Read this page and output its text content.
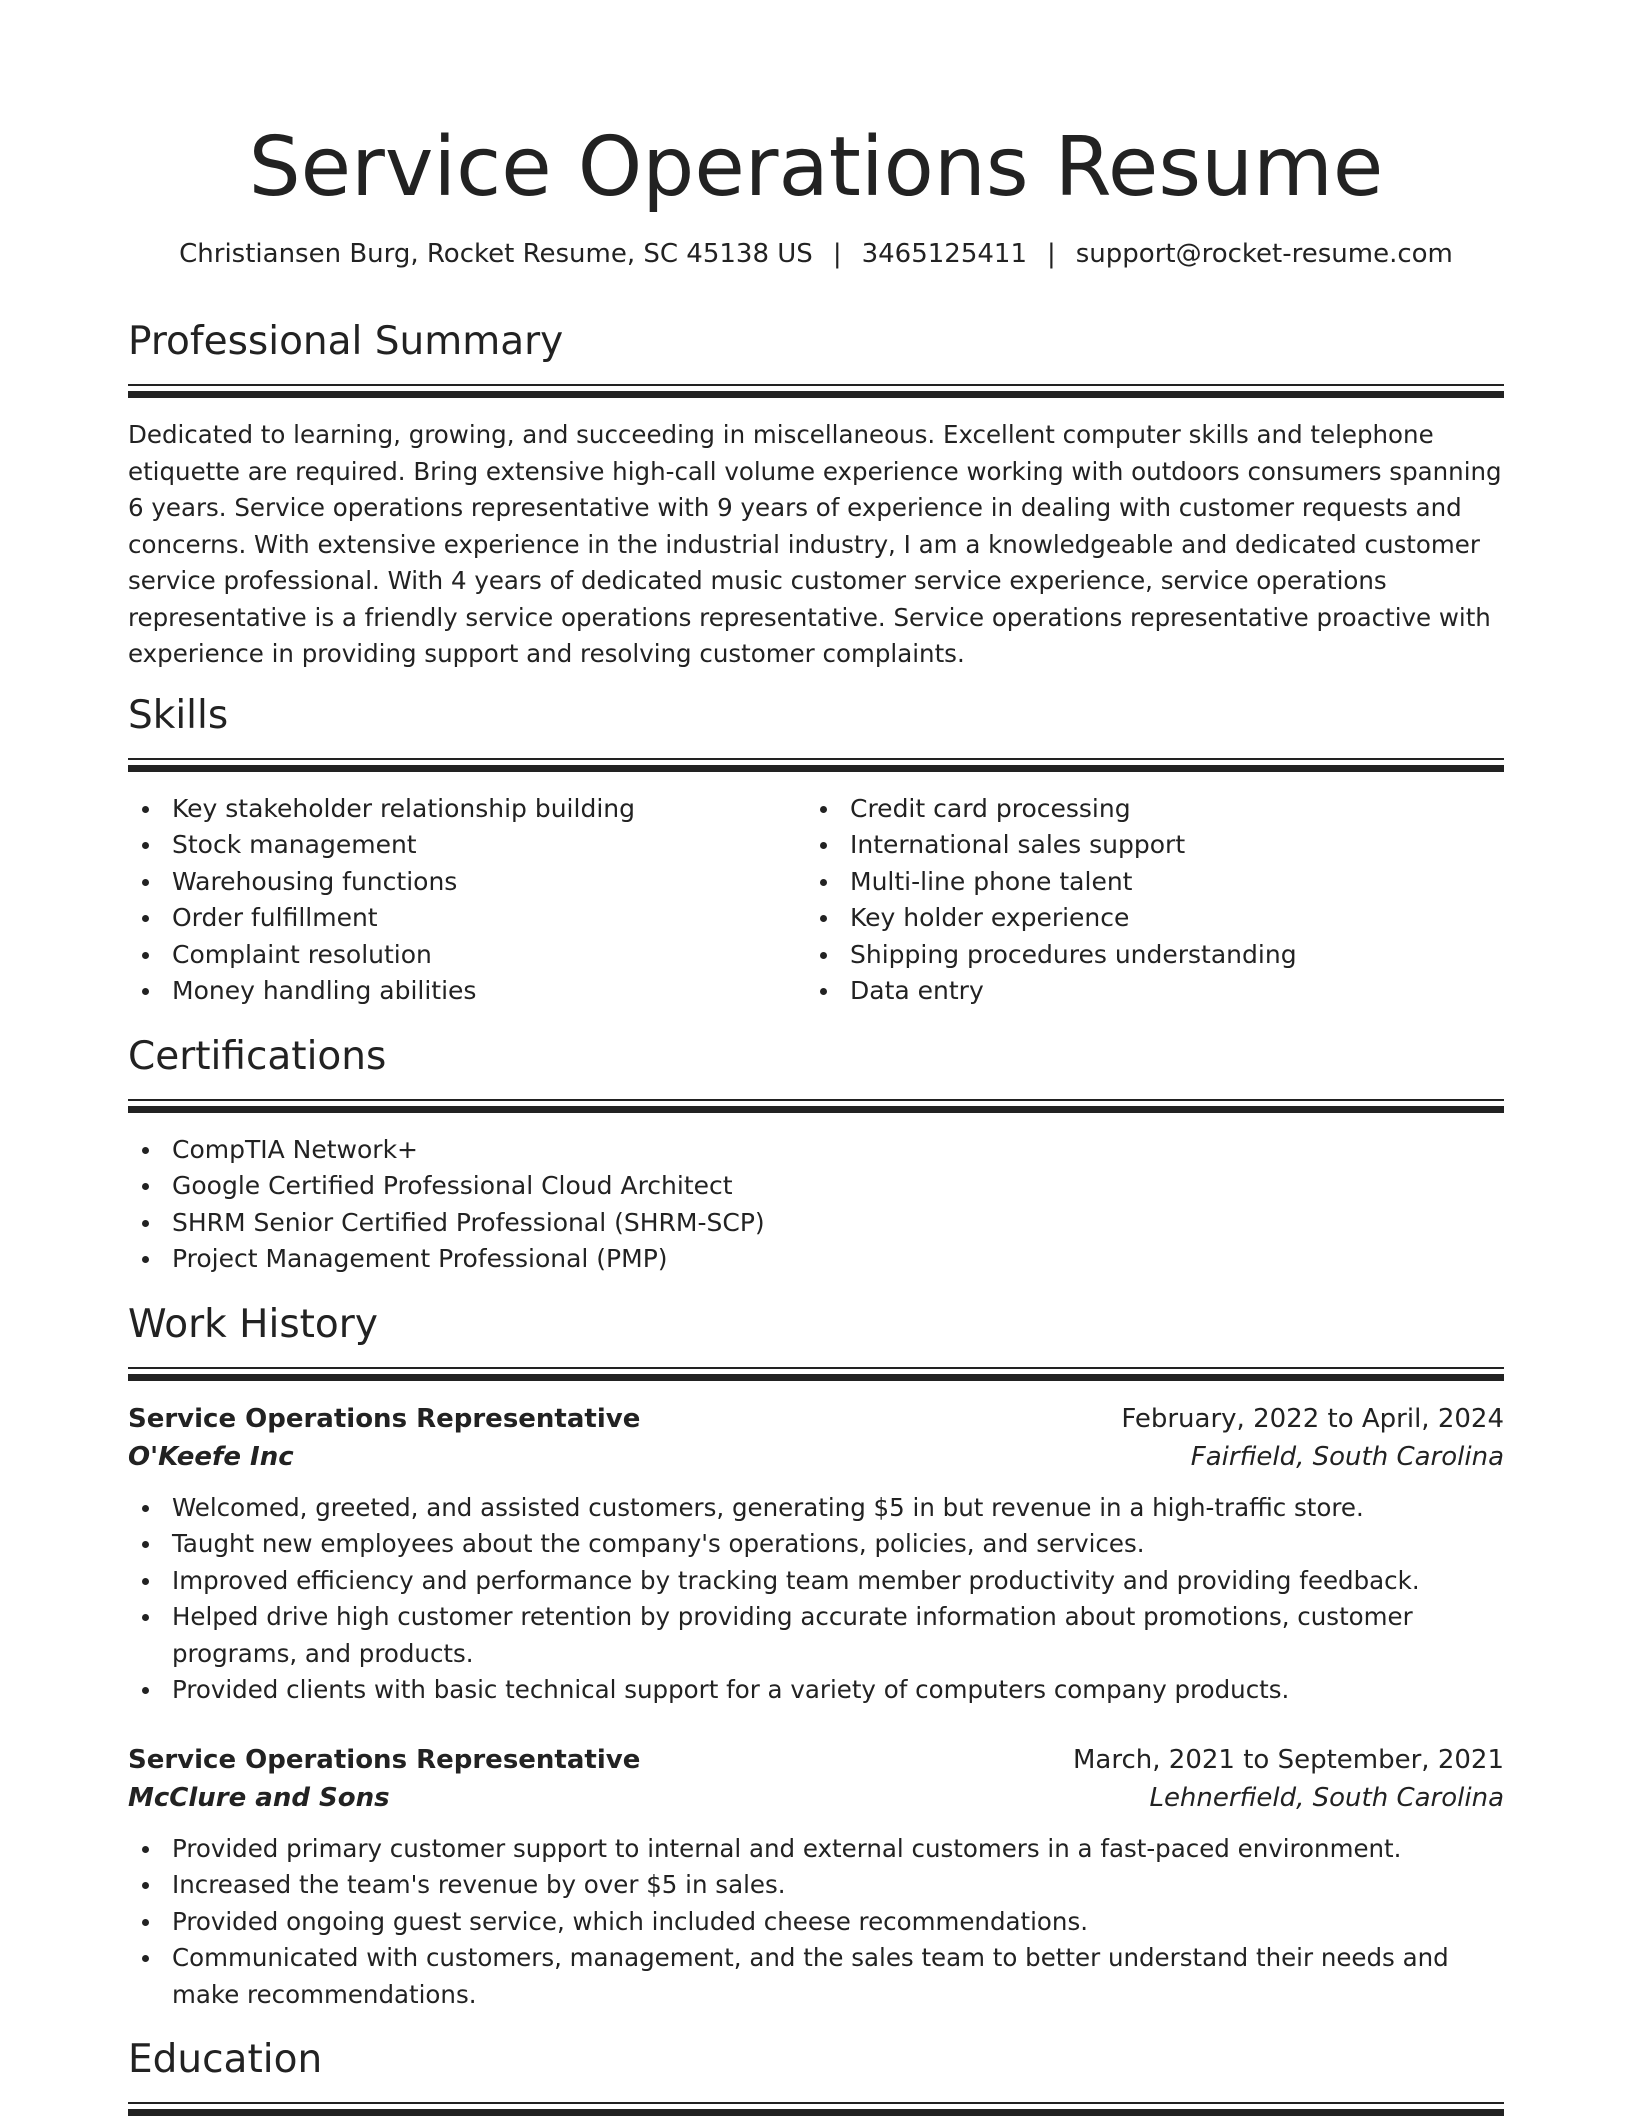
Service Operations Resume
Christiansen Burg, Rocket Resume, SC 45138 US | 3465125411 | support@rocket-resume.com
Professional Summary

Dedicated to learning, growing, and succeeding in miscellaneous. Excellent computer skills and telephone etiquette are required. Bring extensive high-call volume experience working with outdoors consumers spanning 6 years. Service operations representative with 9 years of experience in dealing with customer requests and concerns. With extensive experience in the industrial industry, I am a knowledgeable and dedicated customer service professional. With 4 years of dedicated music customer service experience, service operations representative is a friendly service operations representative. Service operations representative proactive with experience in providing support and resolving customer complaints.

Skills
Key stakeholder relationship building
Stock management
Warehousing functions
Order fulfillment
Complaint resolution
Money handling abilities
Credit card processing
International sales support
Multi-line phone talent
Key holder experience
Shipping procedures understanding
Data entry
Certifications
CompTIA Network+
Google Certified Professional Cloud Architect
SHRM Senior Certified Professional (SHRM-SCP)
Project Management Professional (PMP)
Work History
Service Operations Representative	February, 2022 to April, 2024
O'Keefe Inc	Fairfield, South Carolina
Welcomed, greeted, and assisted customers, generating $5 in but revenue in a high-traffic store.
Taught new employees about the company's operations, policies, and services.
Improved efficiency and performance by tracking team member productivity and providing feedback.
Helped drive high customer retention by providing accurate information about promotions, customer programs, and products.
Provided clients with basic technical support for a variety of computers company products.
Service Operations Representative	March, 2021 to September, 2021
McClure and Sons	Lehnerfield, South Carolina
Provided primary customer support to internal and external customers in a fast-paced environment.
Increased the team's revenue by over $5 in sales.
Provided ongoing guest service, which included cheese recommendations.
Communicated with customers, management, and the sales team to better understand their needs and make recommendations.
Education
